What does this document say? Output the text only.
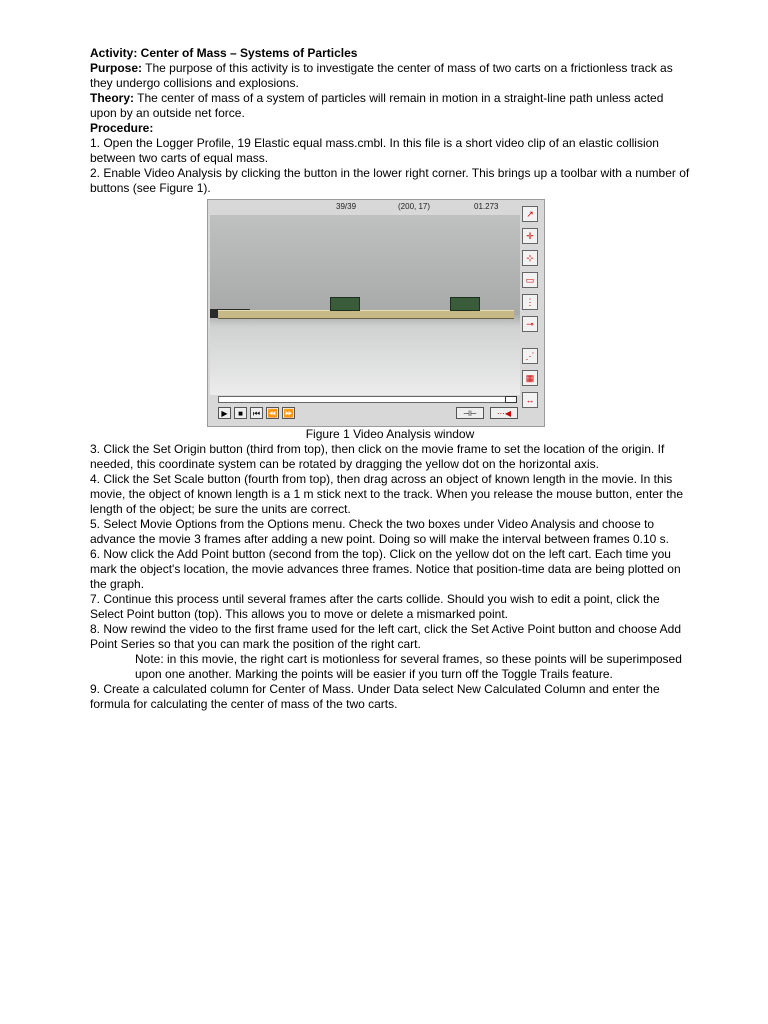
Activity: Center of Mass – Systems of Particles

Purpose: The purpose of this activity is to investigate the center of mass of two carts on a frictionless track as they undergo collisions and explosions.

Theory: The center of mass of a system of particles will remain in motion in a straight-line path unless acted upon by an outside net force.

Procedure:

1. Open the Logger Profile, 19 Elastic equal mass.cmbl. In this file is a short video clip of an elastic collision between two carts of equal mass.

2. Enable Video Analysis by clicking the button in the lower right corner. This brings up a toolbar with a number of buttons (see Figure 1).

39/39	(200, 17)	01.273
↗
✛
⊹
▭
⋮
⊸
⋰
▦
↔
▶	■	⏮ ⏪ ⏩	⊣⊢	⋯◀

Figure 1 Video Analysis window

3. Click the Set Origin button (third from top), then click on the movie frame to set the location of the origin. If needed, this coordinate system can be rotated by dragging the yellow dot on the horizontal axis.

4. Click the Set Scale button (fourth from top), then drag across an object of known length in the movie. In this movie, the object of known length is a 1 m stick next to the track. When you release the mouse button, enter the length of the object; be sure the units are correct.

5. Select Movie Options from the Options menu. Check the two boxes under Video Analysis and choose to advance the movie 3 frames after adding a new point. Doing so will make the interval between frames 0.10 s.

6. Now click the Add Point button (second from the top). Click on the yellow dot on the left cart. Each time you mark the object's location, the movie advances three frames. Notice that position-time data are being plotted on the graph.

7. Continue this process until several frames after the carts collide. Should you wish to edit a point, click the Select Point button (top). This allows you to move or delete a mismarked point.

8. Now rewind the video to the first frame used for the left cart, click the Set Active Point button and choose Add Point Series so that you can mark the position of the right cart.

Note: in this movie, the right cart is motionless for several frames, so these points will be superimposed upon one another. Marking the points will be easier if you turn off the Toggle Trails feature.

9. Create a calculated column for Center of Mass. Under Data select New Calculated Column and enter the formula for calculating the center of mass of the two carts.
